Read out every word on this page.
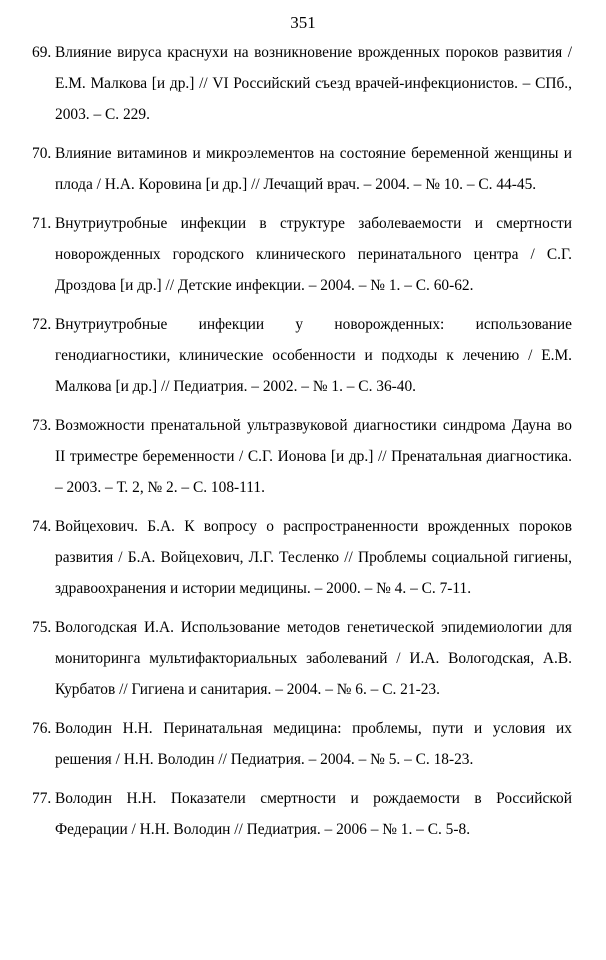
351
69. Влияние вируса краснухи на возникновение врожденных пороков развития / Е.М. Малкова [и др.] // VI Российский съезд врачей-инфекционистов. – СПб., 2003. – С. 229.
70. Влияние витаминов и микроэлементов на состояние беременной женщины и плода / Н.А. Коровина [и др.] // Лечащий врач. – 2004. – № 10. – С. 44-45.
71. Внутриутробные инфекции в структуре заболеваемости и смертности новорожденных городского клинического перинатального центра / С.Г. Дроздова [и др.] // Детские инфекции. – 2004. – № 1. – С. 60-62.
72. Внутриутробные инфекции у новорожденных: использование генодиагностики, клинические особенности и подходы к лечению / Е.М. Малкова [и др.] // Педиатрия. – 2002. – № 1. – С. 36-40.
73. Возможности пренатальной ультразвуковой диагностики синдрома Дауна во II триместре беременности / С.Г. Ионова [и др.] // Пренатальная диагностика. – 2003. – Т. 2, № 2. – С. 108-111.
74. Войцехович. Б.А. К вопросу о распространенности врожденных пороков развития / Б.А. Войцехович, Л.Г. Тесленко // Проблемы социальной гигиены, здравоохранения и истории медицины. – 2000. – № 4. – С. 7-11.
75. Вологодская И.А. Использование методов генетической эпидемиологии для мониторинга мультифакториальных заболеваний / И.А. Вологодская, А.В. Курбатов // Гигиена и санитария. – 2004. – № 6. – С. 21-23.
76. Володин Н.Н. Перинатальная медицина: проблемы, пути и условия их решения / Н.Н. Володин // Педиатрия. – 2004. – № 5. – С. 18-23.
77. Володин Н.Н. Показатели смертности и рождаемости в Российской Федерации / Н.Н. Володин // Педиатрия. – 2006 – № 1. – С. 5-8.
